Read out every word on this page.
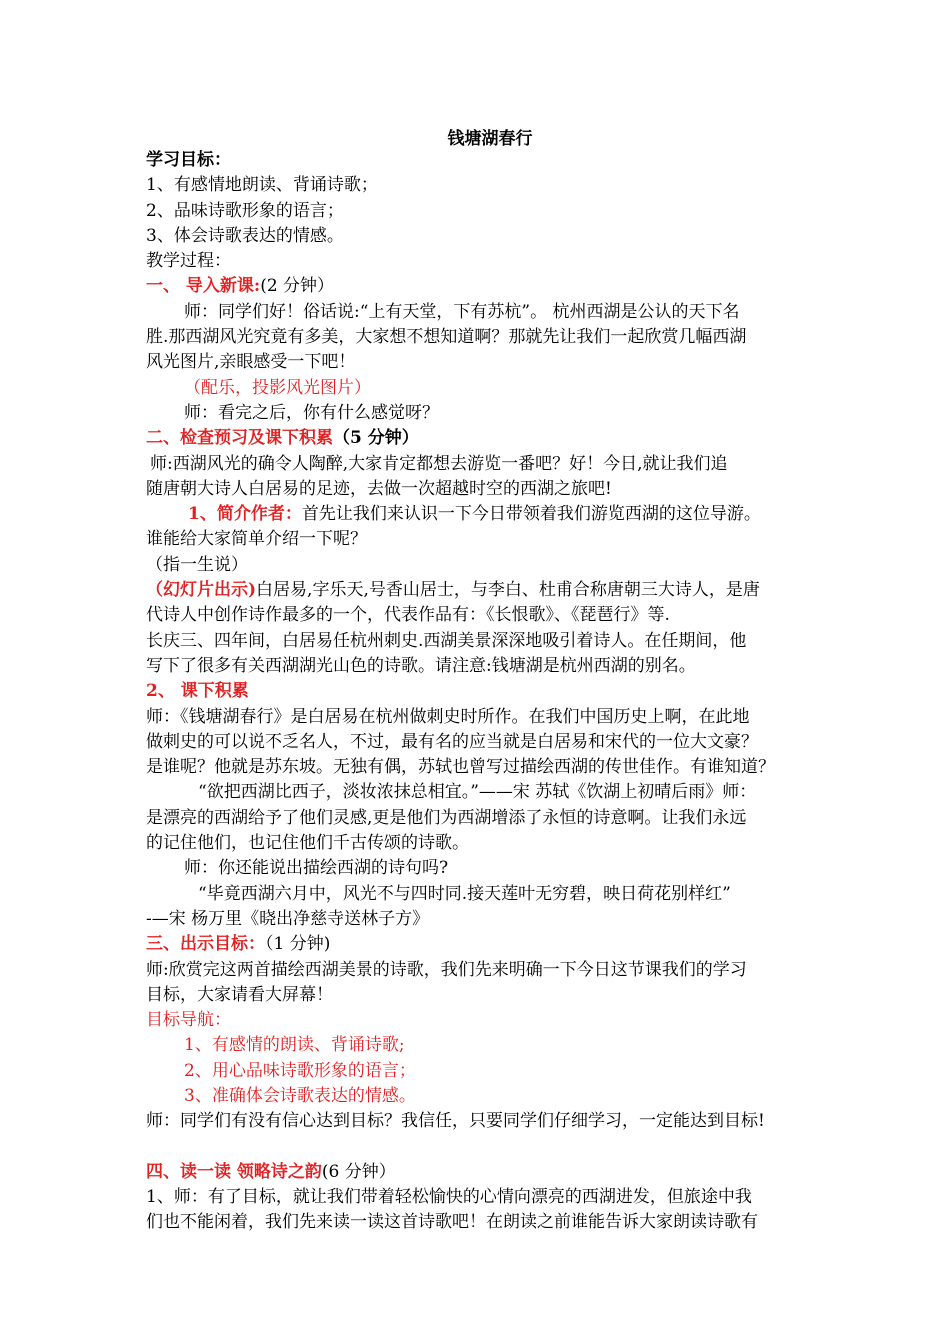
钱塘湖春行
学习目标：
1、有感情地朗读、背诵诗歌；
2、品味诗歌形象的语言；
3、体会诗歌表达的情感。
教学过程：
一、 导入新课:(2 分钟）
师：同学们好！俗话说:“上有天堂，下有苏杭”。 杭州西湖是公认的天下名
胜.那西湖风光究竟有多美，大家想不想知道啊？那就先让我们一起欣赏几幅西湖
风光图片,亲眼感受一下吧！
（配乐，投影风光图片）
师：看完之后，你有什么感觉呀？
二、检查预习及课下积累（5 分钟）
师:西湖风光的确令人陶醉,大家肯定都想去游览一番吧？好！今日,就让我们追
随唐朝大诗人白居易的足迹，去做一次超越时空的西湖之旅吧!
1、简介作者：首先让我们来认识一下今日带领着我们游览西湖的这位导游。
谁能给大家简单介绍一下呢？
（指一生说）
（幻灯片出示)白居易,字乐天,号香山居士，与李白、杜甫合称唐朝三大诗人，是唐
代诗人中创作诗作最多的一个，代表作品有：《长恨歌》、《琵琶行》等.
长庆三、四年间，白居易任杭州刺史.西湖美景深深地吸引着诗人。在任期间，他
写下了很多有关西湖湖光山色的诗歌。请注意:钱塘湖是杭州西湖的别名。
2、 课下积累
师：《钱塘湖春行》是白居易在杭州做刺史时所作。在我们中国历史上啊，在此地
做刺史的可以说不乏名人，不过，最有名的应当就是白居易和宋代的一位大文豪？
是谁呢？他就是苏东坡。无独有偶，苏轼也曾写过描绘西湖的传世佳作。有谁知道？
“欲把西湖比西子，淡妆浓抹总相宜。”——宋 苏轼《饮湖上初晴后雨》师：
是漂亮的西湖给予了他们灵感,更是他们为西湖增添了永恒的诗意啊。让我们永远
的记住他们，也记住他们千古传颂的诗歌。
师：你还能说出描绘西湖的诗句吗?
“毕竟西湖六月中，风光不与四时同.接天莲叶无穷碧，映日荷花别样红”
-—宋 杨万里《晓出净慈寺送林子方》
三、出示目标：（1 分钟)
师:欣赏完这两首描绘西湖美景的诗歌，我们先来明确一下今日这节课我们的学习
目标，大家请看大屏幕！
目标导航：
1、有感情的朗读、背诵诗歌;
2、用心品味诗歌形象的语言；
3、准确体会诗歌表达的情感。
师：同学们有没有信心达到目标？我信任，只要同学们仔细学习，一定能达到目标!
四、读一读 领略诗之韵(6 分钟）
1、师：有了目标，就让我们带着轻松愉快的心情向漂亮的西湖进发，但旅途中我
们也不能闲着，我们先来读一读这首诗歌吧！在朗读之前谁能告诉大家朗读诗歌有
